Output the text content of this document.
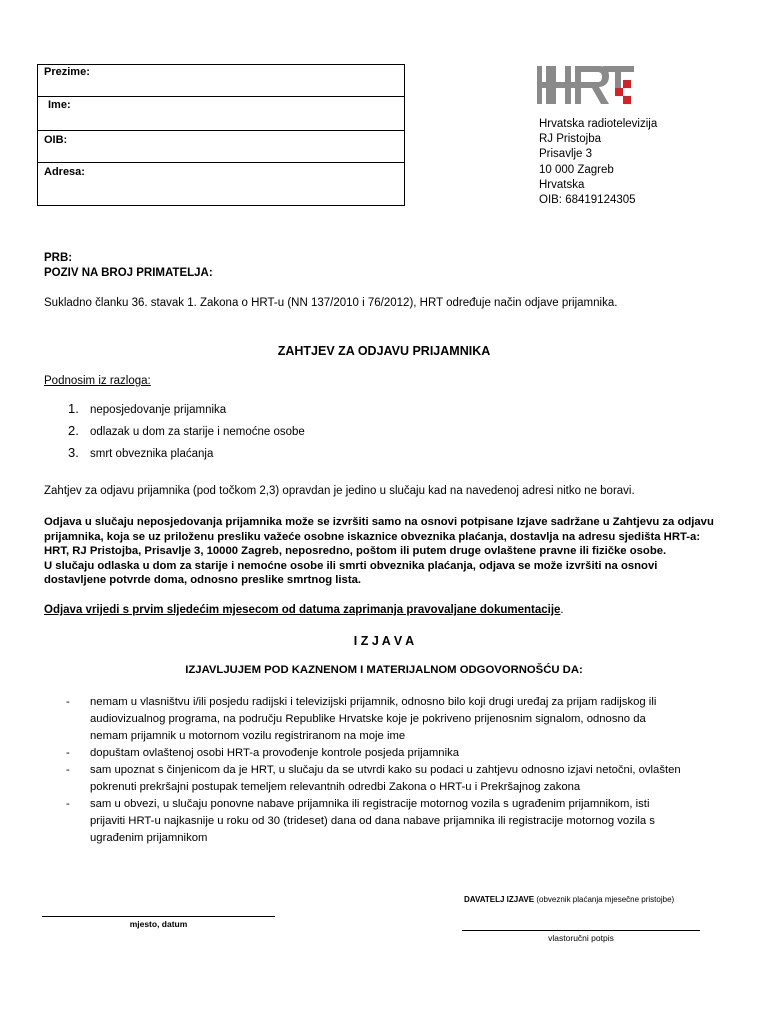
Prezime:
Ime:
OIB:
Adresa:
Hrvatska radiotelevizija
RJ Pristojba
Prisavlje 3
10 000 Zagreb
Hrvatska
OIB: 68419124305
PRB:
POZIV NA BROJ PRIMATELJA:
Sukladno članku 36. stavak 1. Zakona o HRT-u (NN 137/2010 i 76/2012), HRT određuje način odjave prijamnika.
ZAHTJEV ZA ODJAVU PRIJAMNIKA
Podnosim iz razloga:
1. neposjedovanje prijamnika
2. odlazak u dom za starije i nemoćne osobe
3. smrt obveznika plaćanja
Zahtjev za odjavu prijamnika (pod točkom 2,3) opravdan je jedino u slučaju kad na navedenoj adresi nitko ne boravi.
Odjava u slučaju neposjedovanja prijamnika može se izvršiti samo na osnovi potpisane Izjave sadržane u Zahtjevu za odjavu
prijamnika, koja se uz priloženu presliku važeće osobne iskaznice obveznika plaćanja, dostavlja na adresu sjedišta HRT-a:
HRT, RJ Pristojba, Prisavlje 3, 10000 Zagreb, neposredno, poštom ili putem druge ovlaštene pravne ili fizičke osobe.
U slučaju odlaska u dom za starije i nemoćne osobe ili smrti obveznika plaćanja, odjava se može izvršiti na osnovi
dostavljene potvrde doma, odnosno preslike smrtnog lista.
Odjava vrijedi s prvim sljedećim mjesecom od datuma zaprimanja pravovaljane dokumentacije.
I Z J A V A
IZJAVLJUJEM POD KAZNENOM I MATERIJALNOM ODGOVORNOŠĆU DA:
- nemam u vlasništvu i/ili posjedu radijski i televizijski prijamnik, odnosno bilo koji drugi uređaj za prijam radijskog ili
audiovizualnog programa, na području Republike Hrvatske koje je pokriveno prijenosnim signalom, odnosno da
nemam prijamnik u motornom vozilu registriranom na moje ime
- dopuštam ovlaštenoj osobi HRT-a provođenje kontrole posjeda prijamnika
- sam upoznat s činjenicom da je HRT, u slučaju da se utvrdi kako su podaci u zahtjevu odnosno izjavi netočni, ovlašten
pokrenuti prekršajni postupak temeljem relevantnih odredbi Zakona o HRT-u i Prekršajnog zakona
- sam u obvezi, u slučaju ponovne nabave prijamnika ili registracije motornog vozila s ugrađenim prijamnikom, isti
prijaviti HRT-u najkasnije u roku od 30 (trideset) dana od dana nabave prijamnika ili registracije motornog vozila s
ugrađenim prijamnikom
DAVATELJ IZJAVE (obveznik plaćanja mjesečne pristojbe)
mjesto, datum
vlastoručni potpis
